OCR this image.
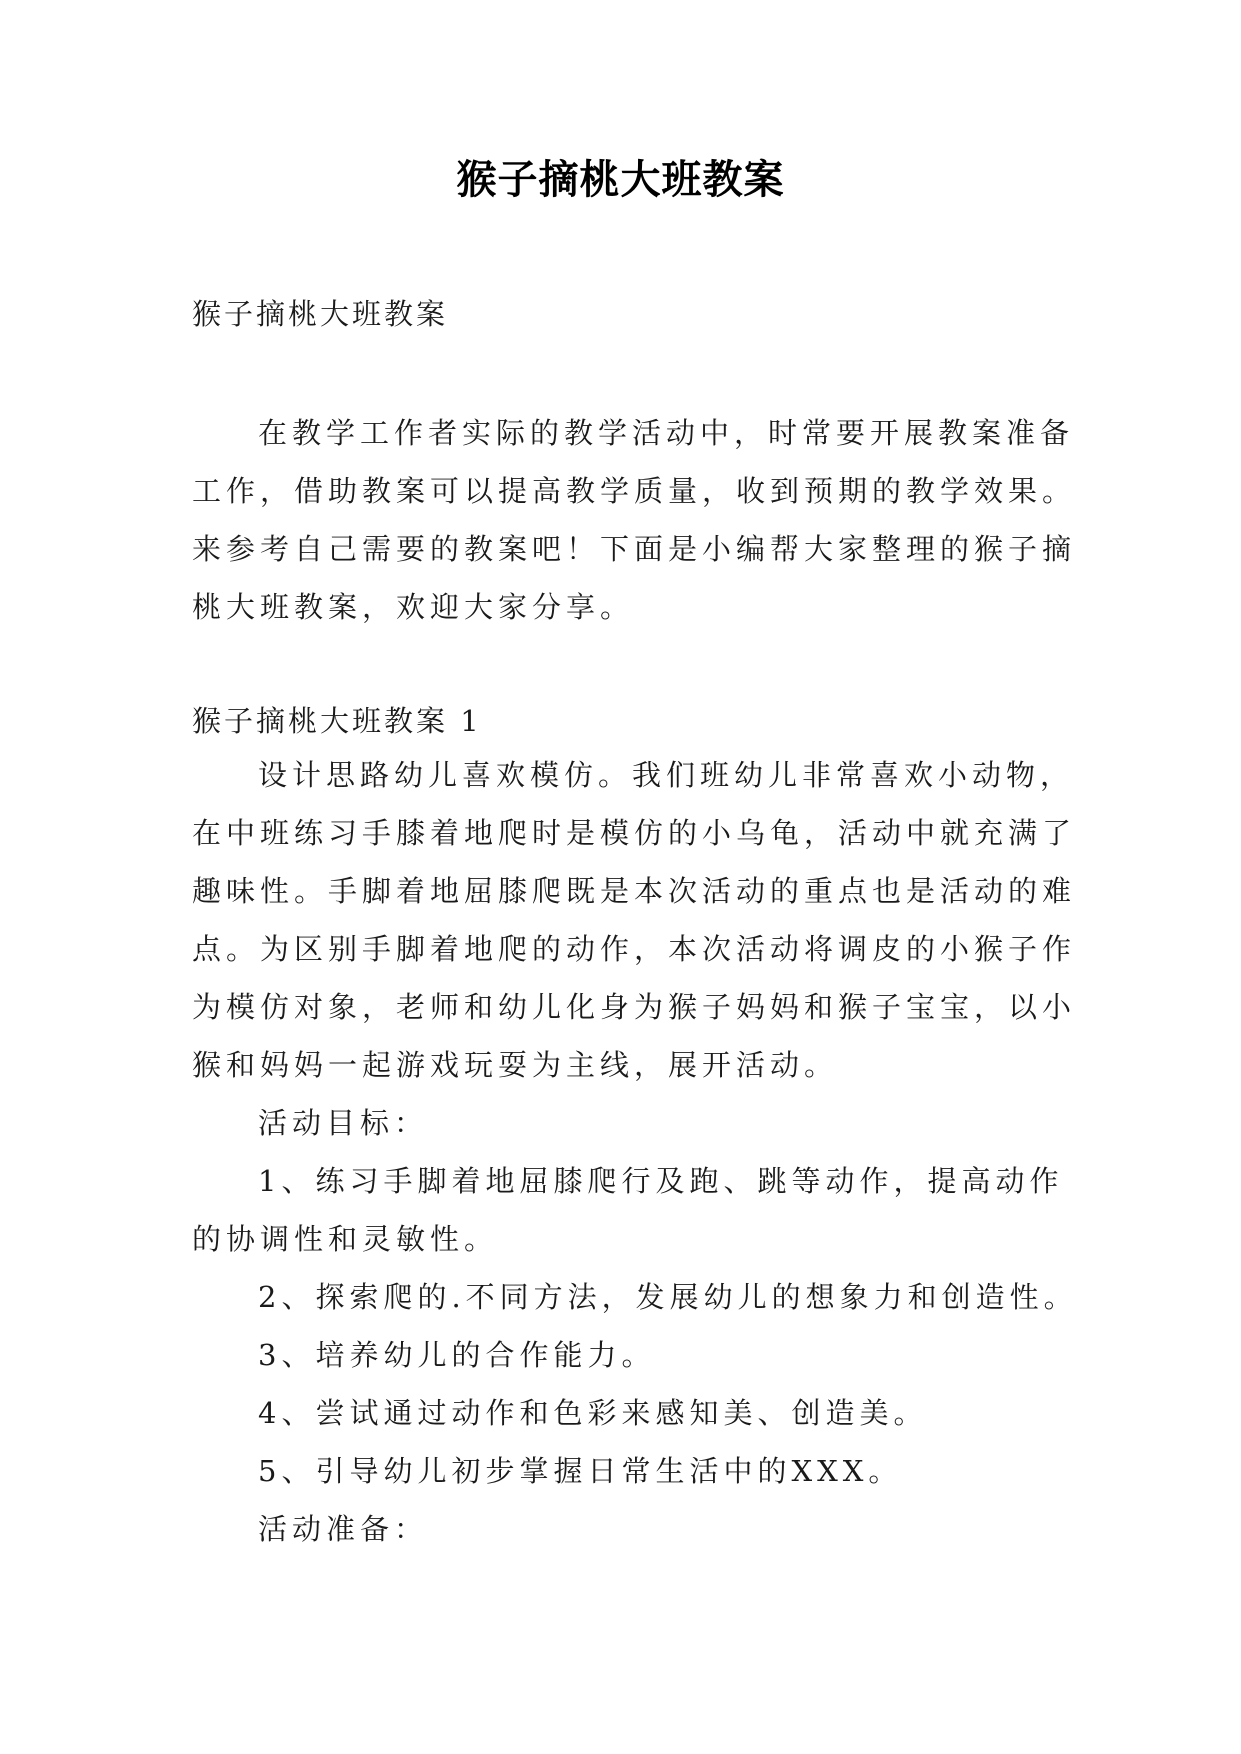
猴子摘桃大班教案
猴子摘桃大班教案

在教学工作者实际的教学活动中，时常要开展教案准备工作，借助教案可以提高教学质量，收到预期的教学效果。来参考自己需要的教案吧！下面是小编帮大家整理的猴子摘桃大班教案，欢迎大家分享。

猴子摘桃大班教案 1

设计思路幼儿喜欢模仿。我们班幼儿非常喜欢小动物，在中班练习手膝着地爬时是模仿的小乌龟，活动中就充满了趣味性。手脚着地屈膝爬既是本次活动的重点也是活动的难点。为区别手脚着地爬的动作，本次活动将调皮的小猴子作为模仿对象，老师和幼儿化身为猴子妈妈和猴子宝宝，以小猴和妈妈一起游戏玩耍为主线，展开活动。

活动目标：

1、练习手脚着地屈膝爬行及跑、跳等动作，提高动作的协调性和灵敏性。

2、探索爬的.不同方法，发展幼儿的想象力和创造性。

3、培养幼儿的合作能力。

4、尝试通过动作和色彩来感知美、创造美。

5、引导幼儿初步掌握日常生活中的XXX。

活动准备：
